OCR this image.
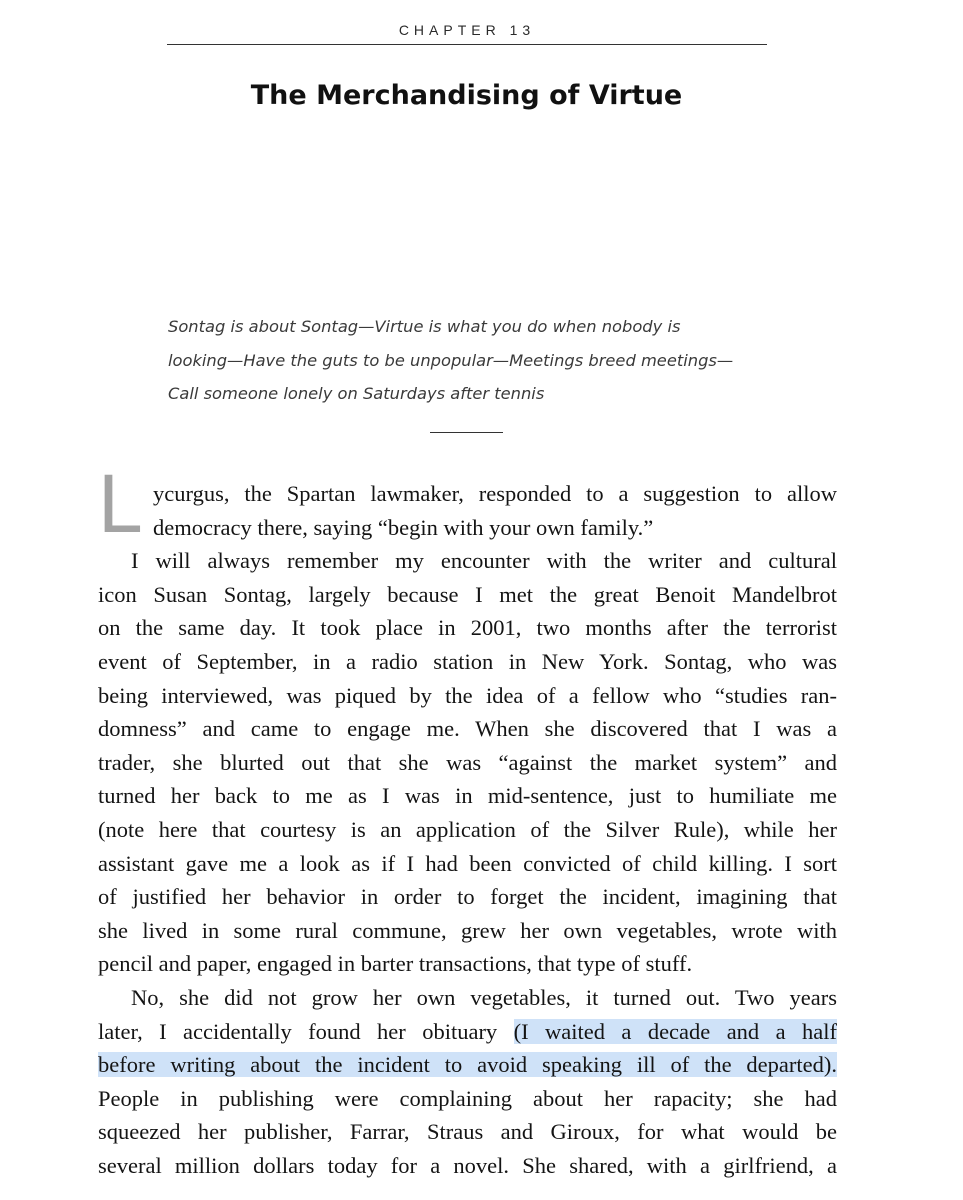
CHAPTER 13
The Merchandising of Virtue
Sontag is about Sontag—Virtue is what you do when nobody is
looking—Have the guts to be unpopular—Meetings breed meetings—
Call someone lonely on Saturdays after tennis
L ycurgus, the Spartan lawmaker, responded to a suggestion to allow
democracy there, saying “begin with your own family.”
I will always remember my encounter with the writer and cultural
icon Susan Sontag, largely because I met the great Benoit Mandelbrot
on the same day. It took place in 2001, two months after the terrorist
event of September, in a radio station in New York. Sontag, who was
being interviewed, was piqued by the idea of a fellow who “studies ran-
domness” and came to engage me. When she discovered that I was a
trader, she blurted out that she was “against the market system” and
turned her back to me as I was in mid-sentence, just to humiliate me
(note here that courtesy is an application of the Silver Rule), while her
assistant gave me a look as if I had been convicted of child killing. I sort
of justified her behavior in order to forget the incident, imagining that
she lived in some rural commune, grew her own vegetables, wrote with
pencil and paper, engaged in barter transactions, that type of stuff.
No, she did not grow her own vegetables, it turned out. Two years
later, I accidentally found her obituary (I waited a decade and a half
before writing about the incident to avoid speaking ill of the departed).
People in publishing were complaining about her rapacity; she had
squeezed her publisher, Farrar, Straus and Giroux, for what would be
several million dollars today for a novel. She shared, with a girlfriend, a
